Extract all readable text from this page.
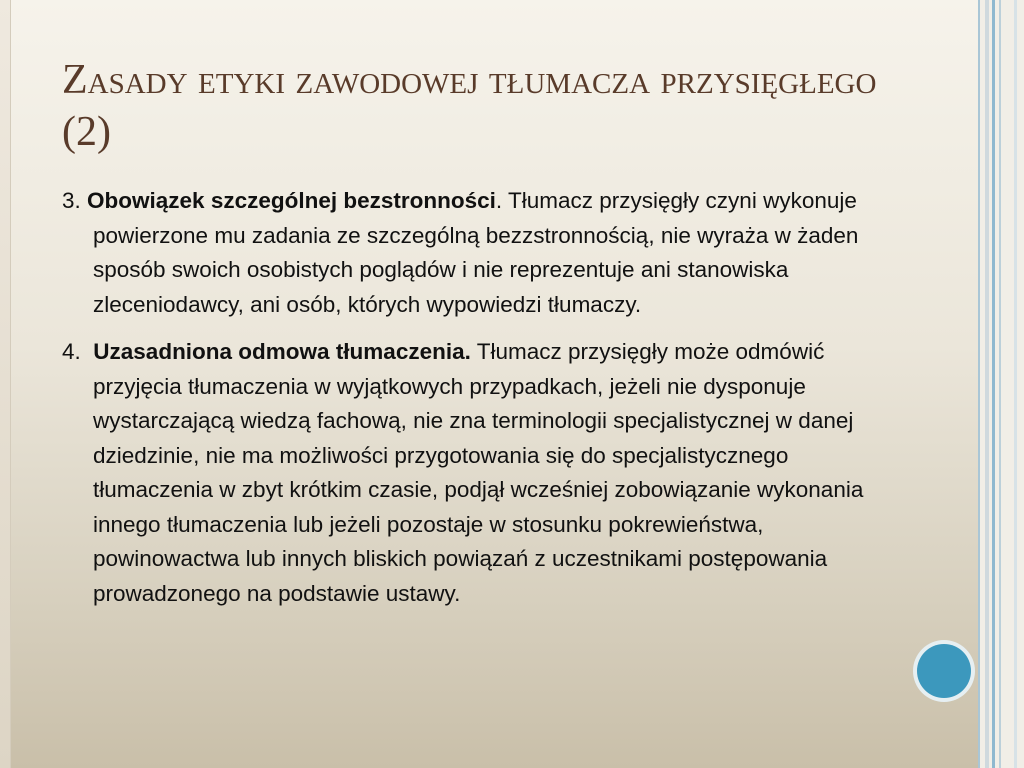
Zasady etyki zawodowej tłumacza przysięgłego (2)

3. Obowiązek szczególnej bezstronności. Tłumacz przysięgły czyni wykonuje powierzone mu zadania ze szczególną bezzstronnością, nie wyraża w żaden sposób swoich osobistych poglądów i nie reprezentuje ani stanowiska zleceniodawcy, ani osób, których wypowiedzi tłumaczy.

4. Uzasadniona odmowa tłumaczenia. Tłumacz przysięgły może odmówić przyjęcia tłumaczenia w wyjątkowych przypadkach, jeżeli nie dysponuje wystarczającą wiedzą fachową, nie zna terminologii specjalistycznej w danej dziedzinie, nie ma możliwości przygotowania się do specjalistycznego tłumaczenia w zbyt krótkim czasie, podjął wcześniej zobowiązanie wykonania innego tłumaczenia lub jeżeli pozostaje w stosunku pokrewieństwa, powinowactwa lub innych bliskich powiązań z uczestnikami postępowania prowadzonego na podstawie ustawy.
